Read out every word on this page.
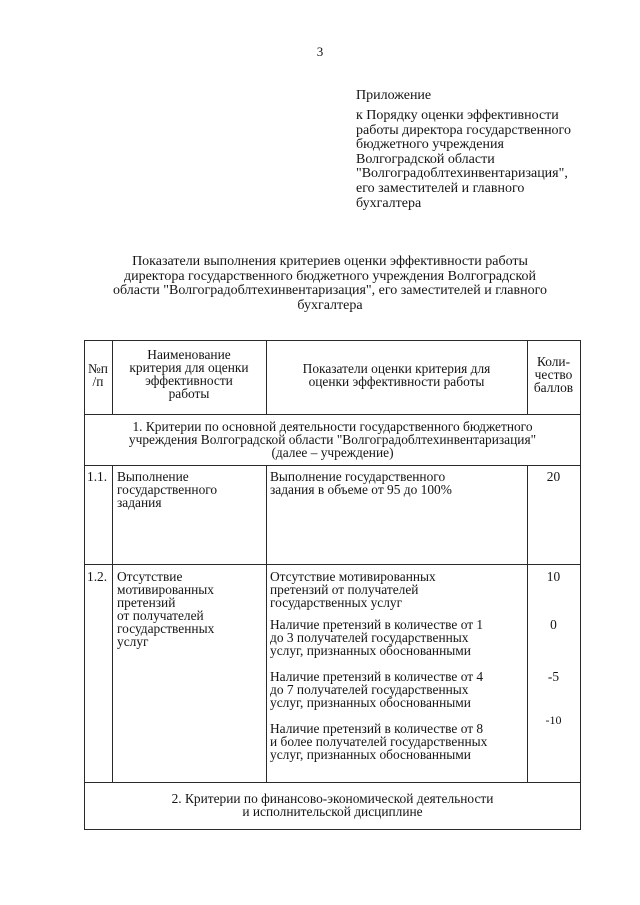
3
Приложение
к Порядку оценки эффективности
работы директора государственного
бюджетного учреждения
Волгоградской области
"Волгоградоблтехинвентаризация",
его заместителей и главного
бухгалтера
Показатели выполнения критериев оценки эффективности работы
директора государственного бюджетного учреждения Волгоградской
области "Волгоградоблтехинвентаризация", его заместителей и главного
бухгалтера
№п
/п
Наименование
критерия для оценки
эффективности
работы
Показатели оценки критерия для
оценки эффективности работы
Коли-
чество
баллов
1. Критерии по основной деятельности государственного бюджетного
учреждения Волгоградской области "Волгоградоблтехинвентаризация"
(далее – учреждение)
1.1. Выполнение
государственного
задания
Выполнение государственного
задания в объеме от 95 до 100%
20
1.2. Отсутствие
мотивированных
претензий
от получателей
государственных
услуг
Отсутствие мотивированных
претензий от получателей
государственных услуг
10
Наличие претензий в количестве от 1
до 3 получателей государственных
услуг, признанных обоснованными
0
Наличие претензий в количестве от 4
до 7 получателей государственных
услуг, признанных обоснованными
-5
Наличие претензий в количестве от 8
и более получателей государственных
услуг, признанных обоснованными
-10
2. Критерии по финансово-экономической деятельности
и исполнительской дисциплине
